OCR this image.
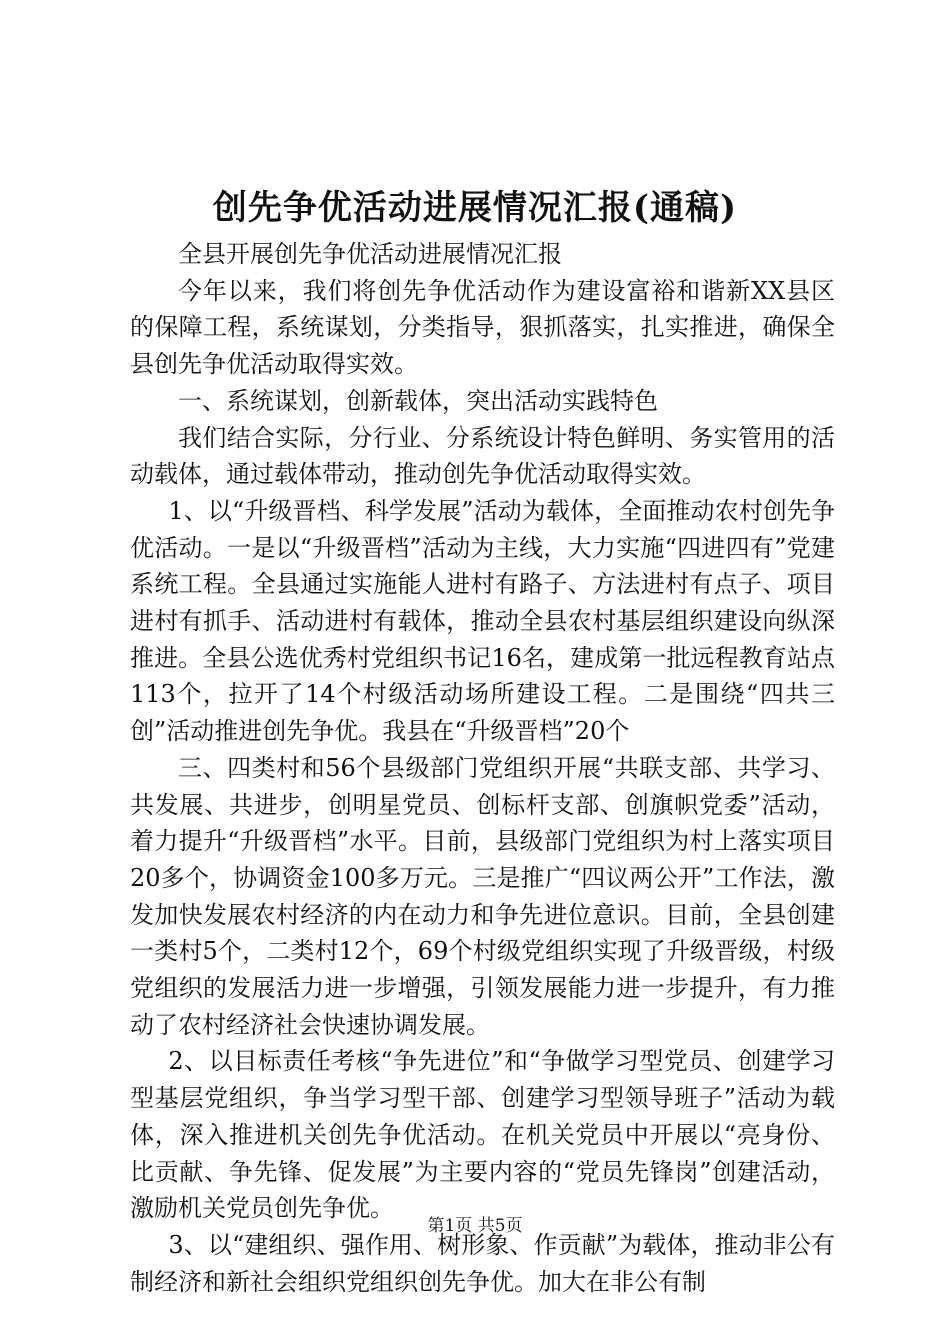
创先争优活动进展情况汇报(通稿)

全县开展创先争优活动进展情况汇报

今年以来，我们将创先争优活动作为建设富裕和谐新XX县区的保障工程，系统谋划，分类指导，狠抓落实，扎实推进，确保全县创先争优活动取得实效。

一、系统谋划，创新载体，突出活动实践特色

我们结合实际，分行业、分系统设计特色鲜明、务实管用的活动载体，通过载体带动，推动创先争优活动取得实效。

1、以“升级晋档、科学发展”活动为载体，全面推动农村创先争优活动。一是以“升级晋档”活动为主线，大力实施“四进四有”党建系统工程。全县通过实施能人进村有路子、方法进村有点子、项目进村有抓手、活动进村有载体，推动全县农村基层组织建设向纵深推进。全县公选优秀村党组织书记16名，建成第一批远程教育站点113个，拉开了14个村级活动场所建设工程。二是围绕“四共三创”活动推进创先争优。我县在“升级晋档”20个

三、四类村和56个县级部门党组织开展“共联支部、共学习、共发展、共进步，创明星党员、创标杆支部、创旗帜党委”活动，着力提升“升级晋档”水平。目前，县级部门党组织为村上落实项目20多个，协调资金100多万元。三是推广“四议两公开”工作法，激发加快发展农村经济的内在动力和争先进位意识。目前，全县创建一类村5个，二类村12个，69个村级党组织实现了升级晋级，村级党组织的发展活力进一步增强，引领发展能力进一步提升，有力推动了农村经济社会快速协调发展。

2、以目标责任考核“争先进位”和“争做学习型党员、创建学习型基层党组织，争当学习型干部、创建学习型领导班子”活动为载体，深入推进机关创先争优活动。在机关党员中开展以“亮身份、比贡献、争先锋、促发展”为主要内容的“党员先锋岗”创建活动，激励机关党员创先争优。

3、以“建组织、强作用、树形象、作贡献”为载体，推动非公有制经济和新社会组织党组织创先争优。加大在非公有制

第1页 共5页
